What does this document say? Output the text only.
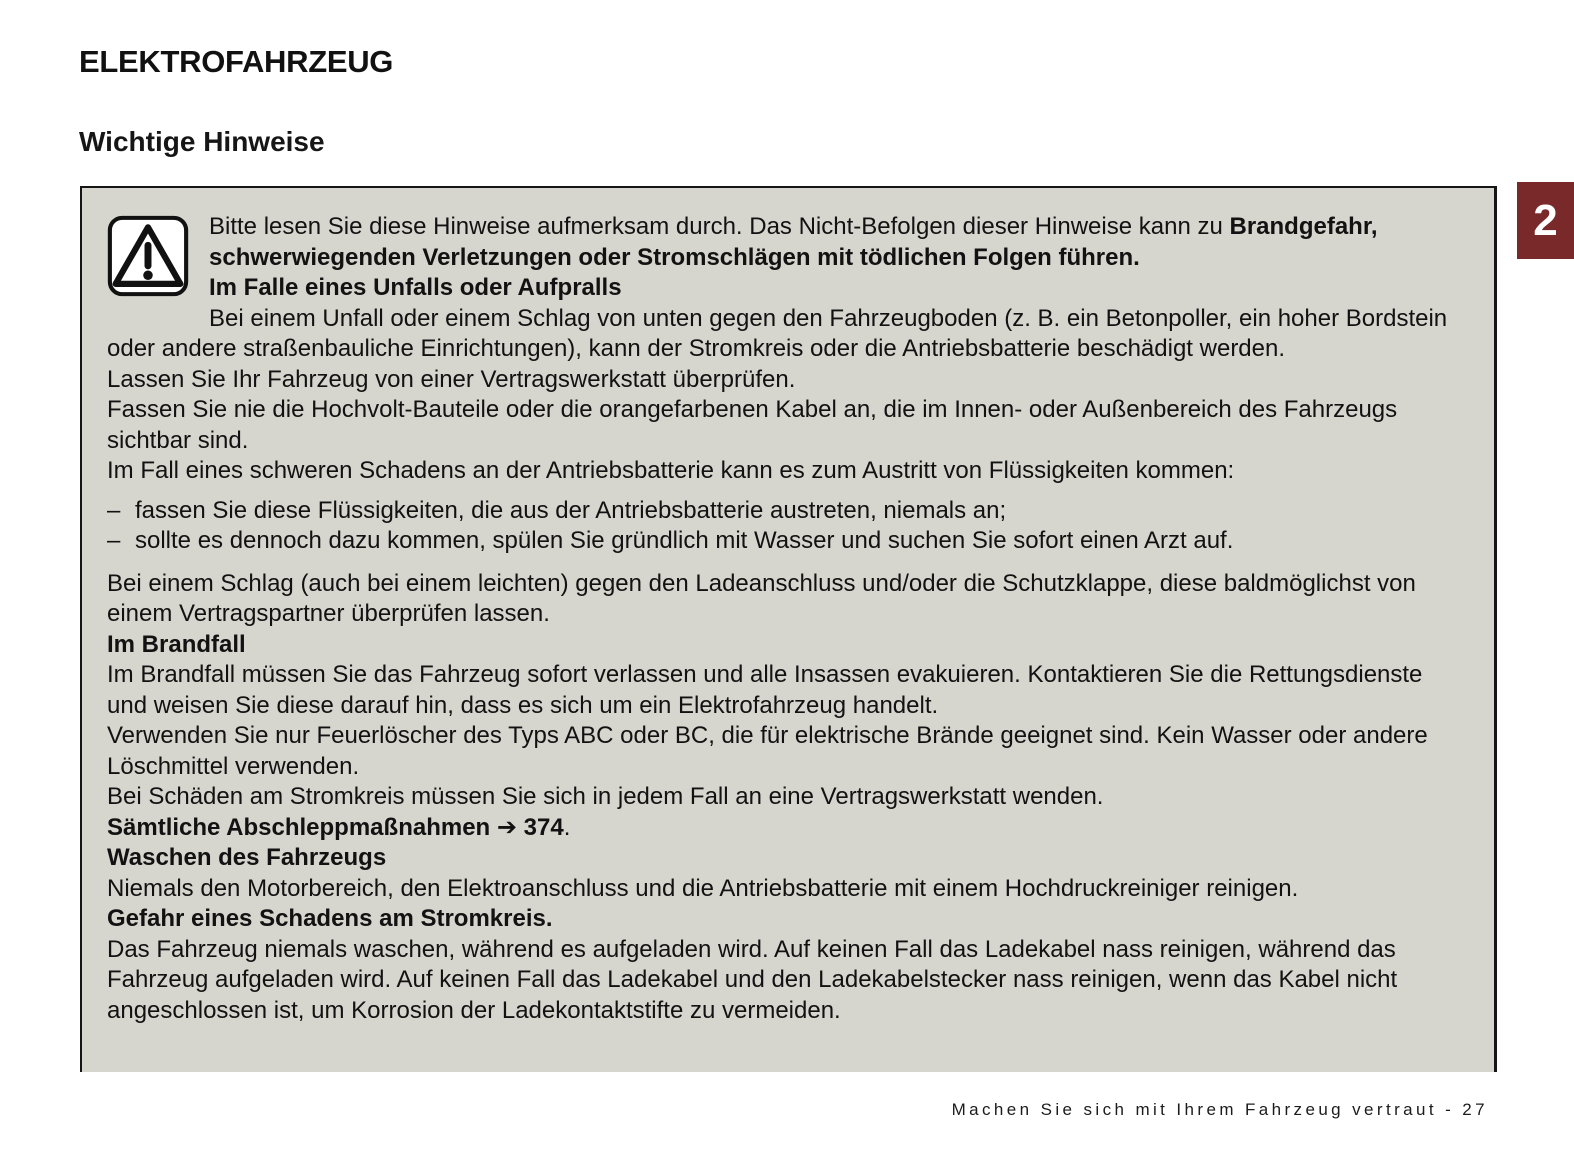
ELEKTROFAHRZEUG
Wichtige Hinweise
2

Bitte lesen Sie diese Hinweise aufmerksam durch. Das Nicht-Befolgen dieser Hinweise kann zu Brandgefahr, schwerwiegenden Verletzungen oder Stromschlägen mit tödlichen Folgen führen.

Im Falle eines Unfalls oder Aufpralls

Bei einem Unfall oder einem Schlag von unten gegen den Fahrzeugboden (z. B. ein Betonpoller, ein hoher Bordstein oder andere straßenbauliche Einrichtungen), kann der Stromkreis oder die Antriebsbatterie beschädigt werden.

Lassen Sie Ihr Fahrzeug von einer Vertragswerkstatt überprüfen.

Fassen Sie nie die Hochvolt-Bauteile oder die orangefarbenen Kabel an, die im Innen- oder Außenbereich des Fahrzeugs sichtbar sind.

Im Fall eines schweren Schadens an der Antriebsbatterie kann es zum Austritt von Flüssigkeiten kommen:

– fassen Sie diese Flüssigkeiten, die aus der Antriebsbatterie austreten, niemals an;
– sollte es dennoch dazu kommen, spülen Sie gründlich mit Wasser und suchen Sie sofort einen Arzt auf.

Bei einem Schlag (auch bei einem leichten) gegen den Ladeanschluss und/oder die Schutzklappe, diese baldmöglichst von einem Vertragspartner überprüfen lassen.

Im Brandfall

Im Brandfall müssen Sie das Fahrzeug sofort verlassen und alle Insassen evakuieren. Kontaktieren Sie die Rettungsdienste und weisen Sie diese darauf hin, dass es sich um ein Elektrofahrzeug handelt.

Verwenden Sie nur Feuerlöscher des Typs ABC oder BC, die für elektrische Brände geeignet sind. Kein Wasser oder andere Löschmittel verwenden.

Bei Schäden am Stromkreis müssen Sie sich in jedem Fall an eine Vertragswerkstatt wenden.

Sämtliche Abschleppmaßnahmen ➔ 374.

Waschen des Fahrzeugs

Niemals den Motorbereich, den Elektroanschluss und die Antriebsbatterie mit einem Hochdruckreiniger reinigen.

Gefahr eines Schadens am Stromkreis.

Das Fahrzeug niemals waschen, während es aufgeladen wird. Auf keinen Fall das Ladekabel nass reinigen, während das Fahrzeug aufgeladen wird. Auf keinen Fall das Ladekabel und den Ladekabelstecker nass reinigen, wenn das Kabel nicht angeschlossen ist, um Korrosion der Ladekontaktstifte zu vermeiden.

Machen Sie sich mit Ihrem Fahrzeug vertraut - 27
